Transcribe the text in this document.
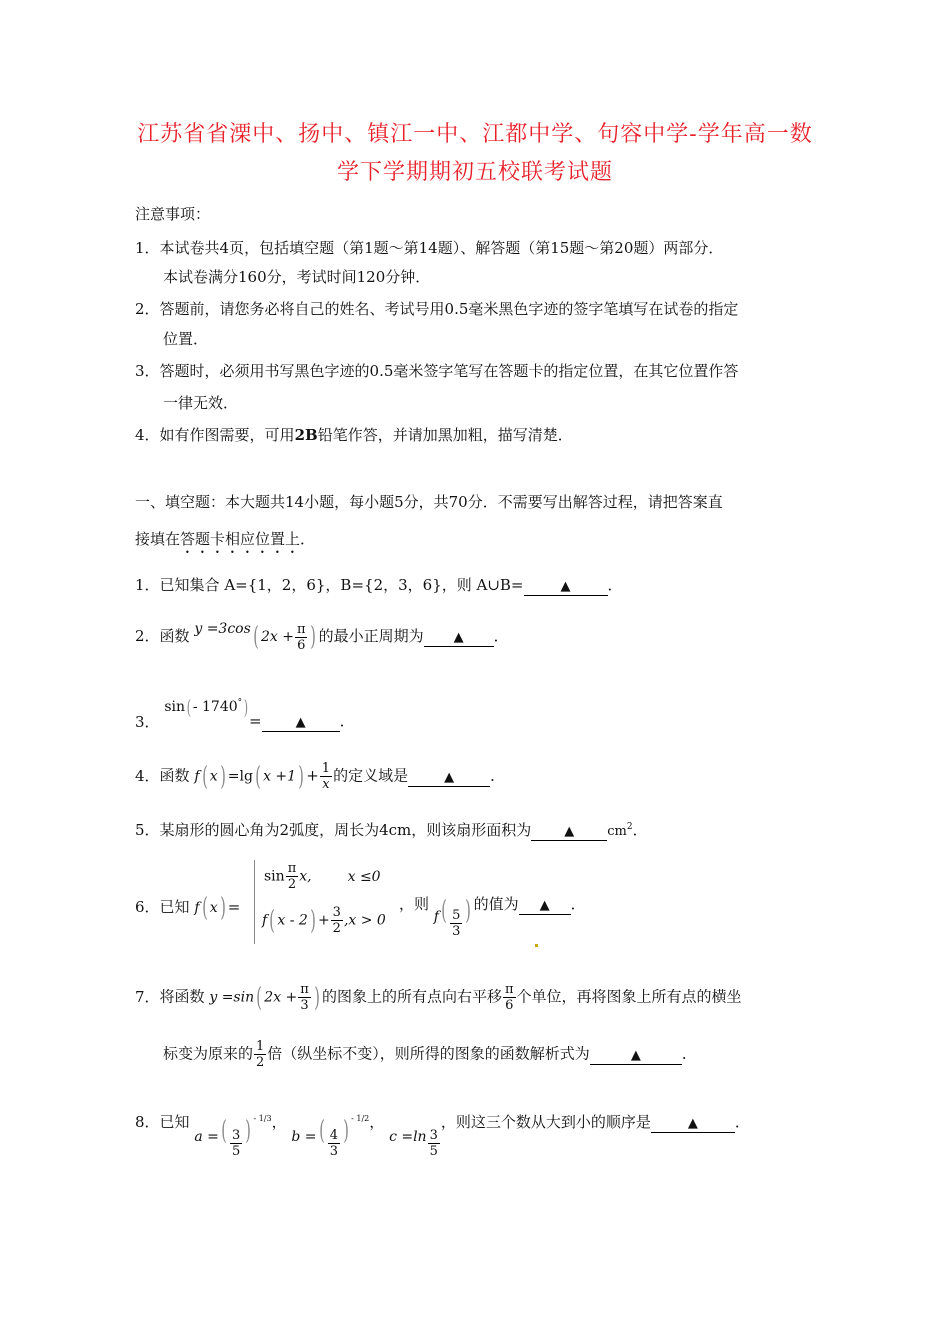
江苏省省溧中、扬中、镇江一中、江都中学、句容中学-学年高一数
学下学期期初五校联考试题
注意事项：
1．本试卷共4页，包括填空题（第1题～第14题）、解答题（第15题～第20题）两部分．
本试卷满分160分，考试时间120分钟．
2．答题前，请您务必将自己的姓名、考试号用0.5毫米黑色字迹的签字笔填写在试卷的指定
位置．
3．答题时，必须用书写黑色字迹的0.5毫米签字笔写在答题卡的指定位置，在其它位置作答
一律无效．
4．如有作图需要，可用2B铅笔作答，并请加黑加粗，描写清楚．
一、填空题：本大题共14小题，每小题5分，共70分．不需要写出解答过程，请把答案直
接填在答题卡相应位置上．
1．已知集合 A={1，2，6}，B={2，3，6}，则 A∪B=	▲ ．
2．函数 y =3cos( $2x + \frac{\pi}{6}$ ) 的最小正周期为 ▲ ．
3． sin( - 1740°)
=	▲ ．
4．函数 f( x) =lg( $x +1) + \frac{1}{x}$ 的定义域是	▲ ．
5．某扇形的圆心角为2弧度，周长为4cm，则该扇形面积为	▲	$cm^2$．
6．已知 f( x) =
$\sin \frac{\pi}{2} x$,	x ≤0
f( $x - 2) + \frac{3}{2} ,x > 0$
，则 $f( \frac{5}{3}$ ) 的值为 ▲ ．
7．将函数 y =sin( $2x + \frac{\pi}{3}$ ) 的图象上的所有点向右平移 $\frac{\pi}{6}$ 个单位，再将图象上所有点的横坐
标变为原来的 $\frac{1}{2}$ 倍（纵坐标不变），则所得的图象的函数解析式为	▲	．
8．已知 a =( $\frac{3}{5}$ ) $^{- 1/3}$， b =( $\frac{4}{3}$ ) $^{- 1/2}$， $c =\ln \frac{3}{5}$
，则这三个数从大到小的顺序是	▲ ．
